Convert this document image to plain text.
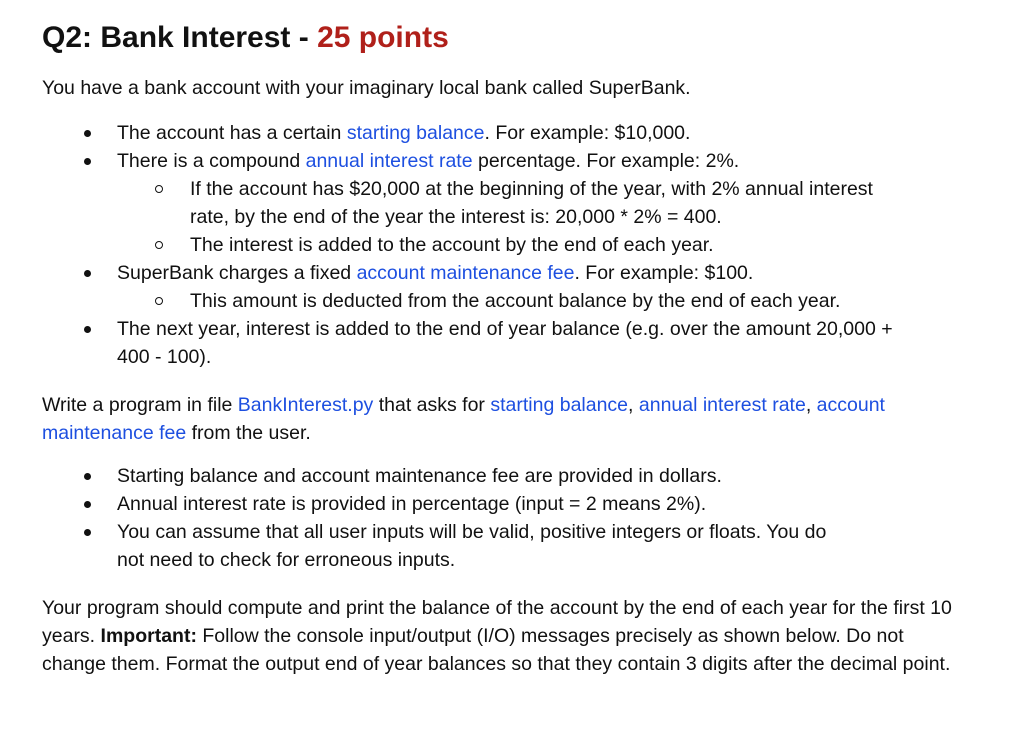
Q2: Bank Interest - 25 points

You have a bank account with your imaginary local bank called SuperBank.

The account has a certain starting balance. For example: $10,000.
There is a compound annual interest rate percentage. For example: 2%.
If the account has $20,000 at the beginning of the year, with 2% annual interest rate, by the end of the year the interest is: 20,000 * 2% = 400.
The interest is added to the account by the end of each year.
SuperBank charges a fixed account maintenance fee. For example: $100.
This amount is deducted from the account balance by the end of each year.
The next year, interest is added to the end of year balance (e.g. over the amount 20,000 + 400 - 100).

Write a program in file BankInterest.py that asks for starting balance, annual interest rate, account maintenance fee from the user.

Starting balance and account maintenance fee are provided in dollars.
Annual interest rate is provided in percentage (input = 2 means 2%).
You can assume that all user inputs will be valid, positive integers or floats. You do not need to check for erroneous inputs.

Your program should compute and print the balance of the account by the end of each year for the first 10 years. Important: Follow the console input/output (I/O) messages precisely as shown below. Do not change them. Format the output end of year balances so that they contain 3 digits after the decimal point.
